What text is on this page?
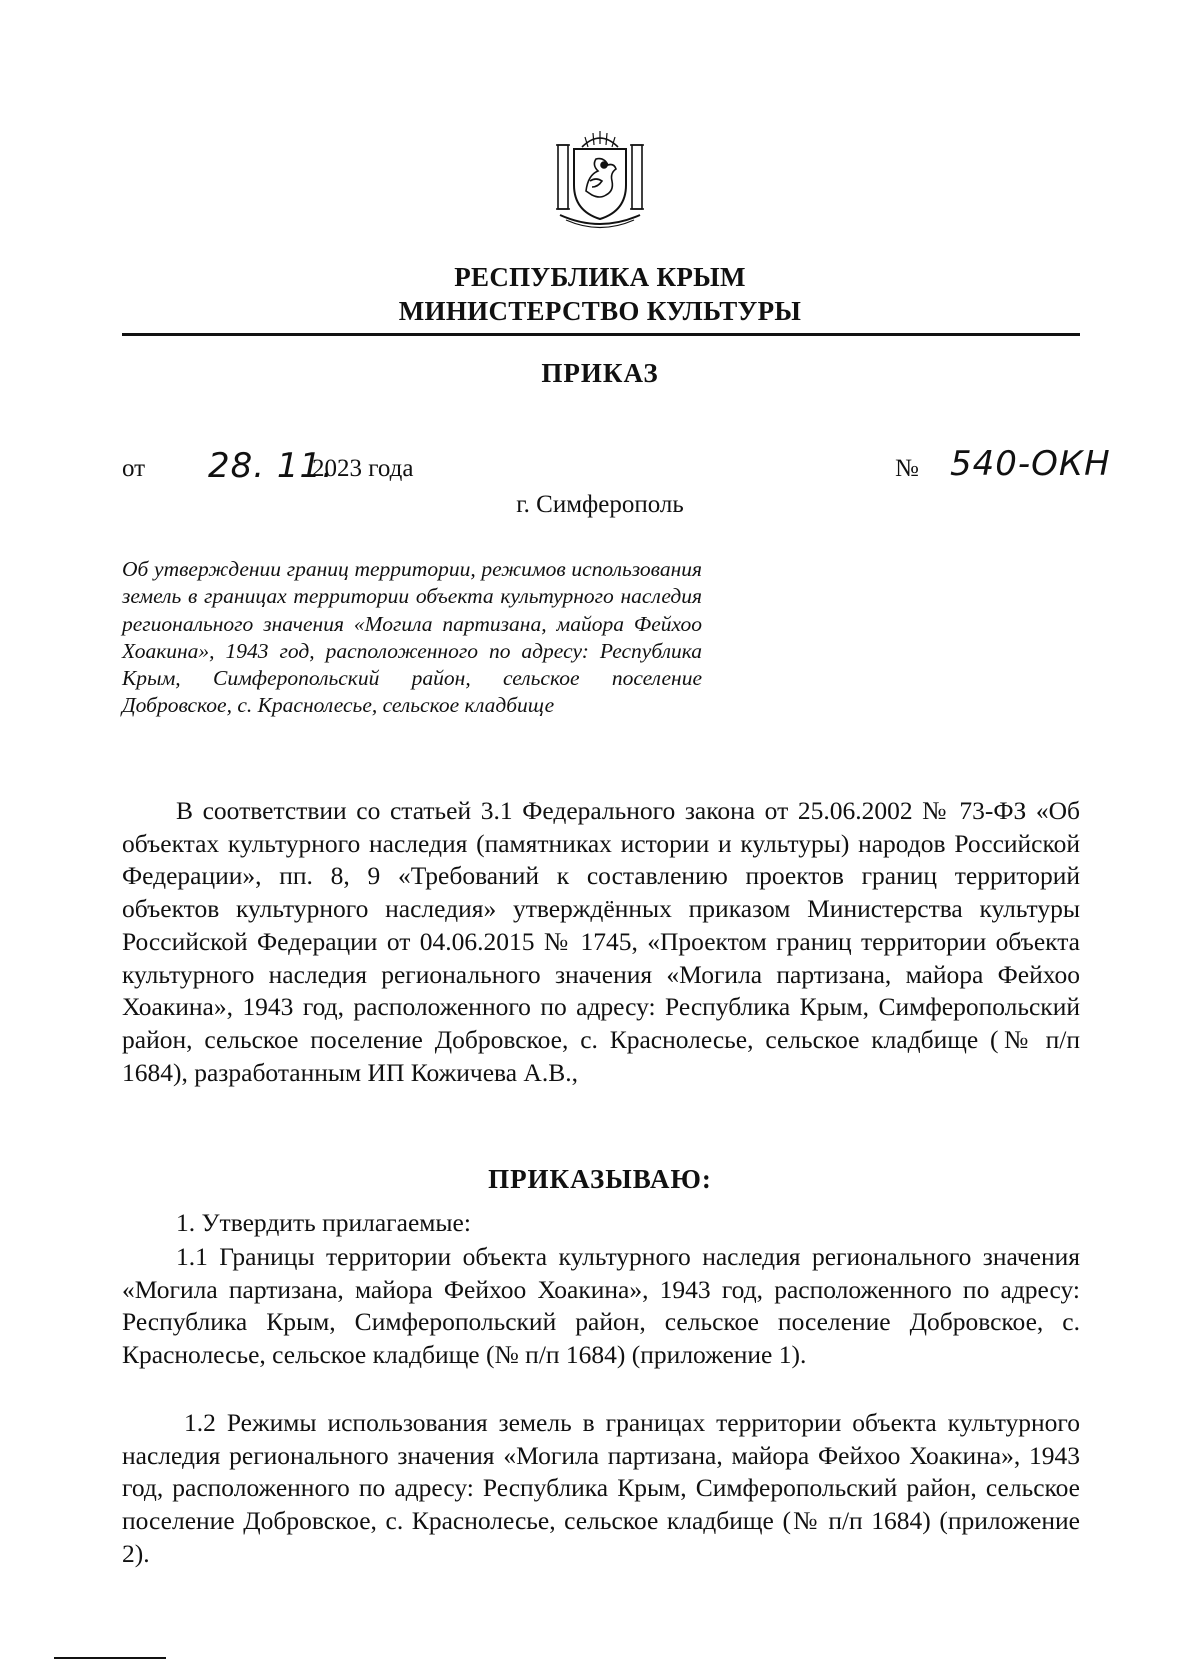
РЕСПУБЛИКА КРЫМ
МИНИСТЕРСТВО КУЛЬТУРЫ
ПРИКАЗ
от 28. 11.
2023 года	№ 540-ОКН
г. Симферополь
Об утверждении границ территории, режимов использования земель в границах территории объекта культурного наследия регионального значения «Могила партизана, майора Фейхоо Хоакина», 1943 год, расположенного по адресу: Республика Крым, Симферопольский район, сельское поселение Добровское, с. Краснолесье, сельское кладбище
В соответствии со статьей 3.1 Федерального закона от 25.06.2002 № 73-ФЗ «Об объектах культурного наследия (памятниках истории и культуры) народов Российской Федерации», пп. 8, 9 «Требований к составлению проектов границ территорий объектов культурного наследия» утверждённых приказом Министерства культуры Российской Федерации от 04.06.2015 № 1745, «Проектом границ территории объекта культурного наследия регионального значения «Могила партизана, майора Фейхоо Хоакина», 1943 год, расположенного по адресу: Республика Крым, Симферопольский район, сельское поселение Добровское, с. Краснолесье, сельское кладбище (№ п/п 1684), разработанным ИП Кожичева А.В.,
ПРИКАЗЫВАЮ:
1. Утвердить прилагаемые:
1.1 Границы территории объекта культурного наследия регионального значения «Могила партизана, майора Фейхоо Хоакина», 1943 год, расположенного по адресу: Республика Крым, Симферопольский район, сельское поселение Добровское, с. Краснолесье, сельское кладбище (№ п/п 1684) (приложение 1).
1.2 Режимы использования земель в границах территории объекта культурного наследия регионального значения «Могила партизана, майора Фейхоо Хоакина», 1943 год, расположенного по адресу: Республика Крым, Симферопольский район, сельское поселение Добровское, с. Краснолесье, сельское кладбище (№ п/п 1684) (приложение 2).
